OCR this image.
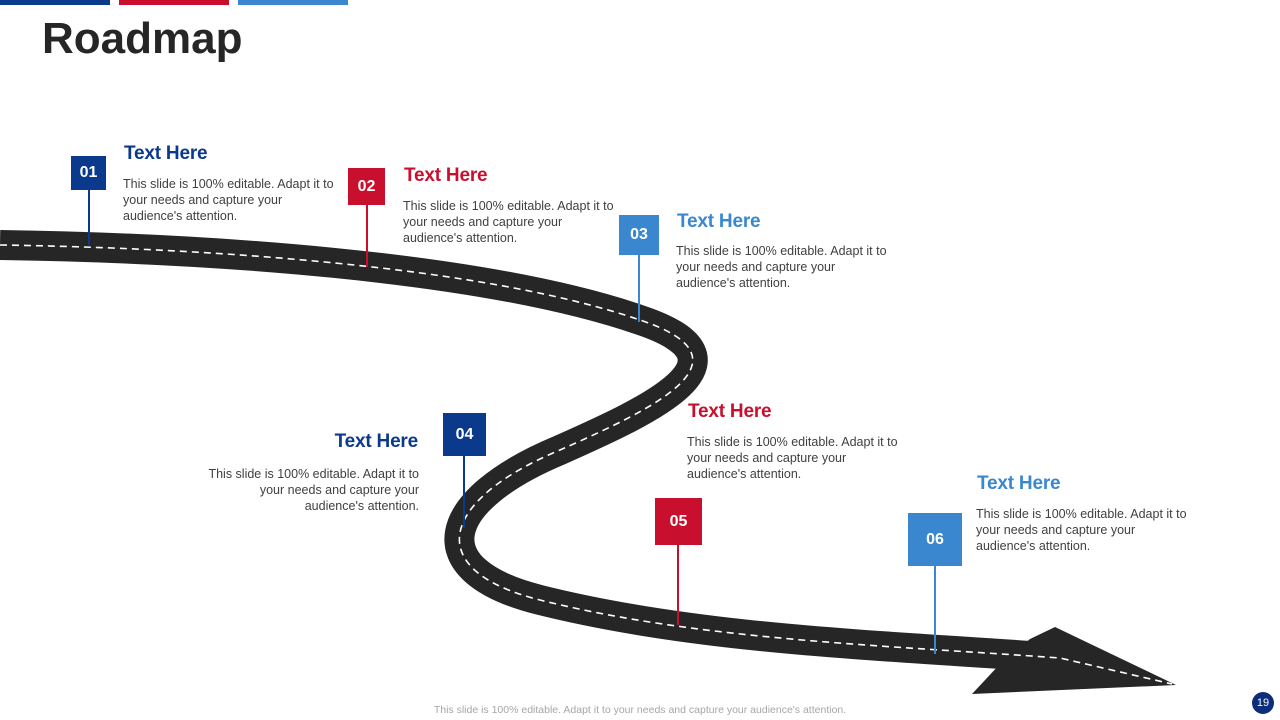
Roadmap
01
Text Here
This slide is 100% editable. Adapt it to your needs and capture your audience's attention.
02	Text Here
This slide is 100% editable. Adapt it to your needs and capture your audience's attention.	03
Text Here
This slide is 100% editable. Adapt it to your needs and capture your audience's attention.
04
Text Here
This slide is 100% editable. Adapt it to your needs and capture your audience's attention.
05
Text Here
This slide is 100% editable. Adapt it to your needs and capture your audience's attention.
06
Text Here
This slide is 100% editable. Adapt it to your needs and capture your audience's attention.
This slide is 100% editable. Adapt it to your needs and capture your audience's attention.
19
